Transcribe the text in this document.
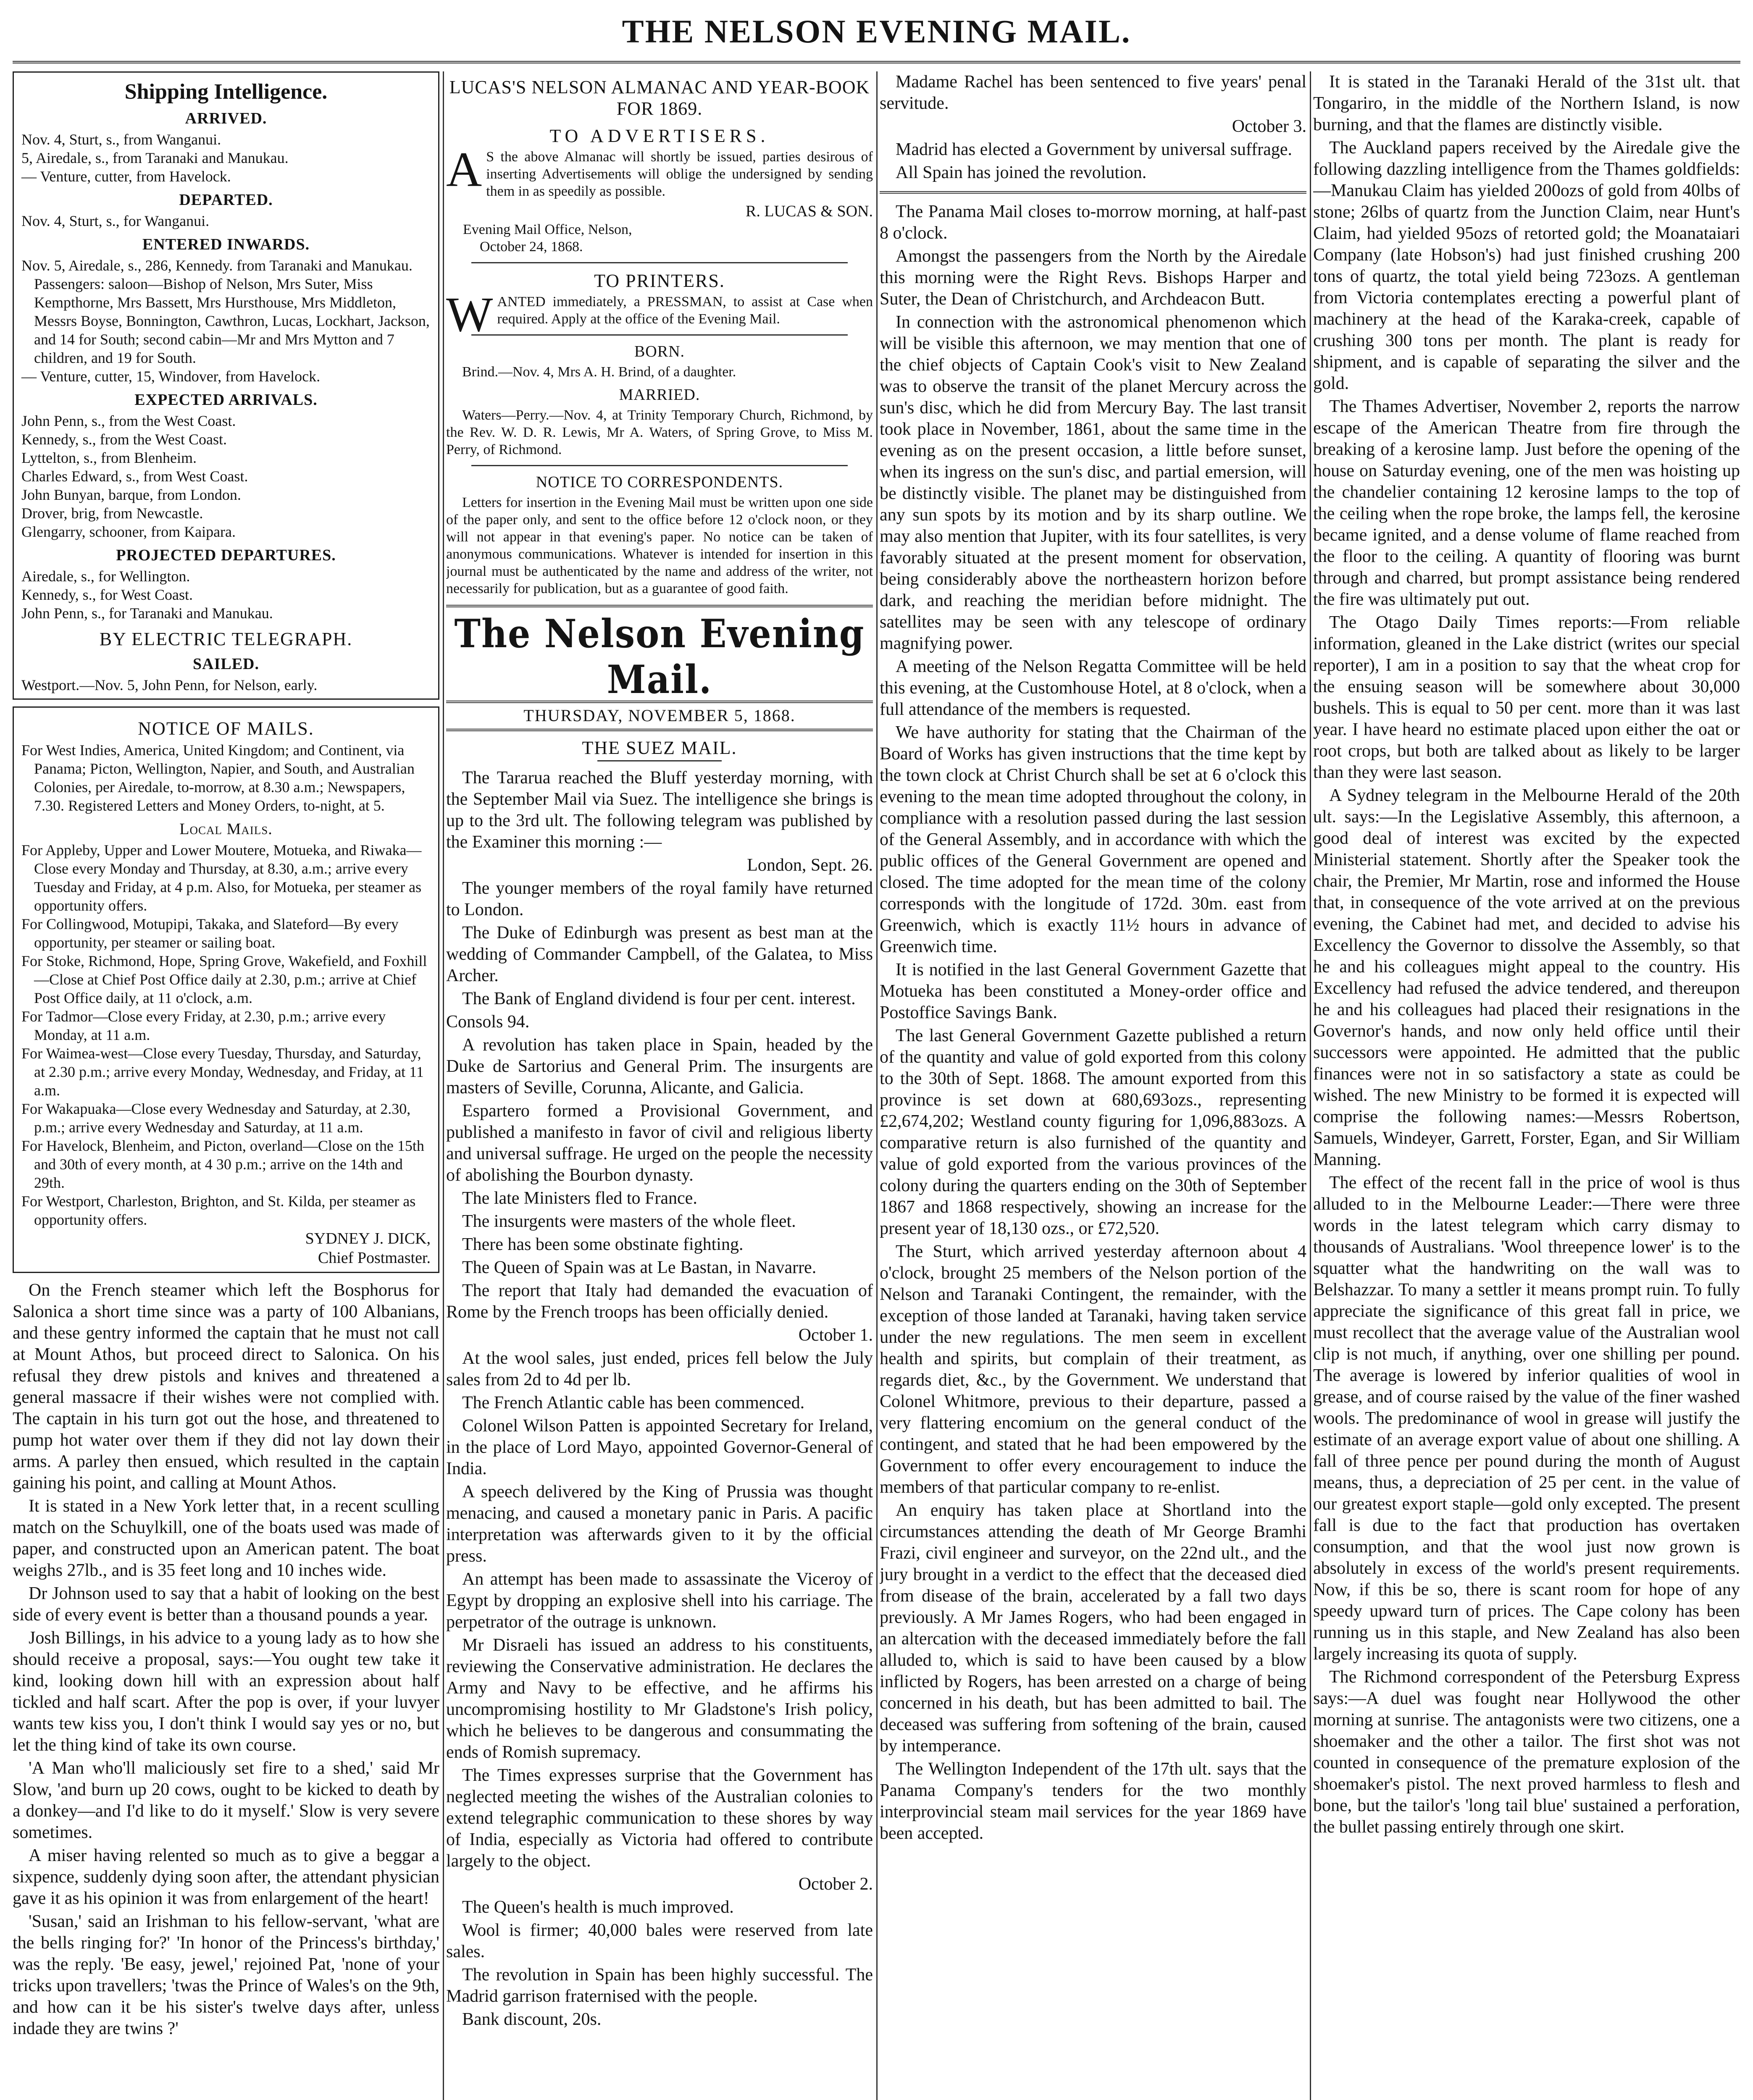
THE NELSON EVENING MAIL.
Shipping Intelligence.
ARRIVED.

Nov. 4, Sturt, s., from Wanganui.

5, Airedale, s., from Taranaki and Manukau.

— Venture, cutter, from Havelock.

DEPARTED.

Nov. 4, Sturt, s., for Wanganui.

ENTERED INWARDS.

Nov. 5, Airedale, s., 286, Kennedy. from Taranaki and Manukau. Passengers: saloon—Bishop of Nelson, Mrs Suter, Miss Kempthorne, Mrs Bassett, Mrs Hursthouse, Mrs Middleton, Messrs Boyse, Bonnington, Cawthron, Lucas, Lockhart, Jackson, and 14 for South; second cabin—Mr and Mrs Mytton and 7 children, and 19 for South.

— Venture, cutter, 15, Windover, from Havelock.

EXPECTED ARRIVALS.

John Penn, s., from the West Coast.

Kennedy, s., from the West Coast.

Lyttelton, s., from Blenheim.

Charles Edward, s., from West Coast.

John Bunyan, barque, from London.

Drover, brig, from Newcastle.

Glengarry, schooner, from Kaipara.

PROJECTED DEPARTURES.

Airedale, s., for Wellington.

Kennedy, s., for West Coast.

John Penn, s., for Taranaki and Manukau.

BY ELECTRIC TELEGRAPH.
SAILED.

Westport.—Nov. 5, John Penn, for Nelson, early.

NOTICE OF MAILS.

For West Indies, America, United Kingdom; and Continent, via Panama; Picton, Wellington, Napier, and South, and Australian Colonies, per Airedale, to-morrow, at 8.30 a.m.; Newspapers, 7.30. Registered Letters and Money Orders, to-night, at 5.

Local Mails.

For Appleby, Upper and Lower Moutere, Motueka, and Riwaka—Close every Monday and Thursday, at 8.30, a.m.; arrive every Tuesday and Friday, at 4 p.m. Also, for Motueka, per steamer as opportunity offers.

For Collingwood, Motupipi, Takaka, and Slateford—By every opportunity, per steamer or sailing boat.

For Stoke, Richmond, Hope, Spring Grove, Wakefield, and Foxhill—Close at Chief Post Office daily at 2.30, p.m.; arrive at Chief Post Office daily, at 11 o'clock, a.m.

For Tadmor—Close every Friday, at 2.30, p.m.; arrive every Monday, at 11 a.m.

For Waimea-west—Close every Tuesday, Thursday, and Saturday, at 2.30 p.m.; arrive every Monday, Wednesday, and Friday, at 11 a.m.

For Wakapuaka—Close every Wednesday and Saturday, at 2.30, p.m.; arrive every Wednesday and Saturday, at 11 a.m.

For Havelock, Blenheim, and Picton, overland—Close on the 15th and 30th of every month, at 4 30 p.m.; arrive on the 14th and 29th.

For Westport, Charleston, Brighton, and St. Kilda, per steamer as opportunity offers.

SYDNEY J. DICK,

Chief Postmaster.

On the French steamer which left the Bosphorus for Salonica a short time since was a party of 100 Albanians, and these gentry informed the captain that he must not call at Mount Athos, but proceed direct to Salonica. On his refusal they drew pistols and knives and threatened a general massacre if their wishes were not complied with. The captain in his turn got out the hose, and threatened to pump hot water over them if they did not lay down their arms. A parley then ensued, which resulted in the captain gaining his point, and calling at Mount Athos.

It is stated in a New York letter that, in a recent sculling match on the Schuylkill, one of the boats used was made of paper, and constructed upon an American patent. The boat weighs 27lb., and is 35 feet long and 10 inches wide.

Dr Johnson used to say that a habit of looking on the best side of every event is better than a thousand pounds a year.

Josh Billings, in his advice to a young lady as to how she should receive a proposal, says:—You ought tew take it kind, looking down hill with an expression about half tickled and half scart. After the pop is over, if your luvyer wants tew kiss you, I don't think I would say yes or no, but let the thing kind of take its own course.

'A Man who'll maliciously set fire to a shed,' said Mr Slow, 'and burn up 20 cows, ought to be kicked to death by a donkey—and I'd like to do it myself.' Slow is very severe sometimes.

A miser having relented so much as to give a beggar a sixpence, suddenly dying soon after, the attendant physician gave it as his opinion it was from enlargement of the heart!

'Susan,' said an Irishman to his fellow-servant, 'what are the bells ringing for?' 'In honor of the Princess's birthday,' was the reply. 'Be easy, jewel,' rejoined Pat, 'none of your tricks upon travellers; 'twas the Prince of Wales's on the 9th, and how can it be his sister's twelve days after, unless indade they are twins ?'

LUCAS'S NELSON ALMANAC AND YEAR-BOOK FOR 1869.
TO ADVERTISERS.

A S the above Almanac will shortly be issued, parties desirous of inserting Advertisements will oblige the undersigned by sending them in as speedily as possible.

R. LUCAS & SON.

Evening Mail Office, Nelson,

October 24, 1868.

TO PRINTERS.

WANTED immediately, a PRESSMAN, to assist at Case when required. Apply at the office of the Evening Mail.

BORN.

Brind.—Nov. 4, Mrs A. H. Brind, of a daughter.

MARRIED.

Waters—Perry.—Nov. 4, at Trinity Temporary Church, Richmond, by the Rev. W. D. R. Lewis, Mr A. Waters, of Spring Grove, to Miss M. Perry, of Richmond.

NOTICE TO CORRESPONDENTS.

Letters for insertion in the Evening Mail must be written upon one side of the paper only, and sent to the office before 12 o'clock noon, or they will not appear in that evening's paper. No notice can be taken of anonymous communications. Whatever is intended for insertion in this journal must be authenticated by the name and address of the writer, not necessarily for publication, but as a guarantee of good faith.

The Nelson Evening Mail.
THURSDAY, NOVEMBER 5, 1868.
THE SUEZ MAIL.

The Tararua reached the Bluff yesterday morning, with the September Mail via Suez. The intelligence she brings is up to the 3rd ult. The following telegram was published by the Examiner this morning :—

London, Sept. 26.

The younger members of the royal family have returned to London.

The Duke of Edinburgh was present as best man at the wedding of Commander Campbell, of the Galatea, to Miss Archer.

The Bank of England dividend is four per cent. interest.

Consols 94.

A revolution has taken place in Spain, headed by the Duke de Sartorius and General Prim. The insurgents are masters of Seville, Corunna, Alicante, and Galicia.

Espartero formed a Provisional Government, and published a manifesto in favor of civil and religious liberty and universal suffrage. He urged on the people the necessity of abolishing the Bourbon dynasty.

The late Ministers fled to France.

The insurgents were masters of the whole fleet.

There has been some obstinate fighting.

The Queen of Spain was at Le Bastan, in Navarre.

The report that Italy had demanded the evacuation of Rome by the French troops has been officially denied.

October 1.

At the wool sales, just ended, prices fell below the July sales from 2d to 4d per lb.

The French Atlantic cable has been commenced.

Colonel Wilson Patten is appointed Secretary for Ireland, in the place of Lord Mayo, appointed Governor-General of India.

A speech delivered by the King of Prussia was thought menacing, and caused a monetary panic in Paris. A pacific interpretation was afterwards given to it by the official press.

An attempt has been made to assassinate the Viceroy of Egypt by dropping an explosive shell into his carriage. The perpetrator of the outrage is unknown.

Mr Disraeli has issued an address to his constituents, reviewing the Conservative administration. He declares the Army and Navy to be effective, and he affirms his uncompromising hostility to Mr Gladstone's Irish policy, which he believes to be dangerous and consummating the ends of Romish supremacy.

The Times expresses surprise that the Government has neglected meeting the wishes of the Australian colonies to extend telegraphic communication to these shores by way of India, especially as Victoria had offered to contribute largely to the object.

October 2.

The Queen's health is much improved.

Wool is firmer; 40,000 bales were reserved from late sales.

The revolution in Spain has been highly successful. The Madrid garrison fraternised with the people.

Bank discount, 20s.

Madame Rachel has been sentenced to five years' penal servitude.

October 3.

Madrid has elected a Government by universal suffrage.

All Spain has joined the revolution.

The Panama Mail closes to-morrow morning, at half-past 8 o'clock.

Amongst the passengers from the North by the Airedale this morning were the Right Revs. Bishops Harper and Suter, the Dean of Christchurch, and Archdeacon Butt.

In connection with the astronomical phenomenon which will be visible this afternoon, we may mention that one of the chief objects of Captain Cook's visit to New Zealand was to observe the transit of the planet Mercury across the sun's disc, which he did from Mercury Bay. The last transit took place in November, 1861, about the same time in the evening as on the present occasion, a little before sunset, when its ingress on the sun's disc, and partial emersion, will be distinctly visible. The planet may be distinguished from any sun spots by its motion and by its sharp outline. We may also mention that Jupiter, with its four satellites, is very favorably situated at the present moment for observation, being considerably above the northeastern horizon before dark, and reaching the meridian before midnight. The satellites may be seen with any telescope of ordinary magnifying power.

A meeting of the Nelson Regatta Committee will be held this evening, at the Customhouse Hotel, at 8 o'clock, when a full attendance of the members is requested.

We have authority for stating that the Chairman of the Board of Works has given instructions that the time kept by the town clock at Christ Church shall be set at 6 o'clock this evening to the mean time adopted throughout the colony, in compliance with a resolution passed during the last session of the General Assembly, and in accordance with which the public offices of the General Government are opened and closed. The time adopted for the mean time of the colony corresponds with the longitude of 172d. 30m. east from Greenwich, which is exactly 11½ hours in advance of Greenwich time.

It is notified in the last General Government Gazette that Motueka has been constituted a Money-order office and Postoffice Savings Bank.

The last General Government Gazette published a return of the quantity and value of gold exported from this colony to the 30th of Sept. 1868. The amount exported from this province is set down at 680,693ozs., representing £2,674,202; Westland county figuring for 1,096,883ozs. A comparative return is also furnished of the quantity and value of gold exported from the various provinces of the colony during the quarters ending on the 30th of September 1867 and 1868 respectively, showing an increase for the present year of 18,130 ozs., or £72,520.

The Sturt, which arrived yesterday afternoon about 4 o'clock, brought 25 members of the Nelson portion of the Nelson and Taranaki Contingent, the remainder, with the exception of those landed at Taranaki, having taken service under the new regulations. The men seem in excellent health and spirits, but complain of their treatment, as regards diet, &c., by the Government. We understand that Colonel Whitmore, previous to their departure, passed a very flattering encomium on the general conduct of the contingent, and stated that he had been empowered by the Government to offer every encouragement to induce the members of that particular company to re-enlist.

An enquiry has taken place at Shortland into the circumstances attending the death of Mr George Bramhi Frazi, civil engineer and surveyor, on the 22nd ult., and the jury brought in a verdict to the effect that the deceased died from disease of the brain, accelerated by a fall two days previously. A Mr James Rogers, who had been engaged in an altercation with the deceased immediately before the fall alluded to, which is said to have been caused by a blow inflicted by Rogers, has been arrested on a charge of being concerned in his death, but has been admitted to bail. The deceased was suffering from softening of the brain, caused by intemperance.

The Wellington Independent of the 17th ult. says that the Panama Company's tenders for the two monthly interprovincial steam mail services for the year 1869 have been accepted.

It is stated in the Taranaki Herald of the 31st ult. that Tongariro, in the middle of the Northern Island, is now burning, and that the flames are distinctly visible.

The Auckland papers received by the Airedale give the following dazzling intelligence from the Thames goldfields:—Manukau Claim has yielded 200ozs of gold from 40lbs of stone; 26lbs of quartz from the Junction Claim, near Hunt's Claim, had yielded 95ozs of retorted gold; the Moanataiari Company (late Hobson's) had just finished crushing 200 tons of quartz, the total yield being 723ozs. A gentleman from Victoria contemplates erecting a powerful plant of machinery at the head of the Karaka-creek, capable of crushing 300 tons per month. The plant is ready for shipment, and is capable of separating the silver and the gold.

The Thames Advertiser, November 2, reports the narrow escape of the American Theatre from fire through the breaking of a kerosine lamp. Just before the opening of the house on Saturday evening, one of the men was hoisting up the chandelier containing 12 kerosine lamps to the top of the ceiling when the rope broke, the lamps fell, the kerosine became ignited, and a dense volume of flame reached from the floor to the ceiling. A quantity of flooring was burnt through and charred, but prompt assistance being rendered the fire was ultimately put out.

The Otago Daily Times reports:—From reliable information, gleaned in the Lake district (writes our special reporter), I am in a position to say that the wheat crop for the ensuing season will be somewhere about 30,000 bushels. This is equal to 50 per cent. more than it was last year. I have heard no estimate placed upon either the oat or root crops, but both are talked about as likely to be larger than they were last season.

A Sydney telegram in the Melbourne Herald of the 20th ult. says:—In the Legislative Assembly, this afternoon, a good deal of interest was excited by the expected Ministerial statement. Shortly after the Speaker took the chair, the Premier, Mr Martin, rose and informed the House that, in consequence of the vote arrived at on the previous evening, the Cabinet had met, and decided to advise his Excellency the Governor to dissolve the Assembly, so that he and his colleagues might appeal to the country. His Excellency had refused the advice tendered, and thereupon he and his colleagues had placed their resignations in the Governor's hands, and now only held office until their successors were appointed. He admitted that the public finances were not in so satisfactory a state as could be wished. The new Ministry to be formed it is expected will comprise the following names:—Messrs Robertson, Samuels, Windeyer, Garrett, Forster, Egan, and Sir William Manning.

The effect of the recent fall in the price of wool is thus alluded to in the Melbourne Leader:—There were three words in the latest telegram which carry dismay to thousands of Australians. 'Wool threepence lower' is to the squatter what the handwriting on the wall was to Belshazzar. To many a settler it means prompt ruin. To fully appreciate the significance of this great fall in price, we must recollect that the average value of the Australian wool clip is not much, if anything, over one shilling per pound. The average is lowered by inferior qualities of wool in grease, and of course raised by the value of the finer washed wools. The predominance of wool in grease will justify the estimate of an average export value of about one shilling. A fall of three pence per pound during the month of August means, thus, a depreciation of 25 per cent. in the value of our greatest export staple—gold only excepted. The present fall is due to the fact that production has overtaken consumption, and that the wool just now grown is absolutely in excess of the world's present requirements. Now, if this be so, there is scant room for hope of any speedy upward turn of prices. The Cape colony has been running us in this staple, and New Zealand has also been largely increasing its quota of supply.

The Richmond correspondent of the Petersburg Express says:—A duel was fought near Hollywood the other morning at sunrise. The antagonists were two citizens, one a shoemaker and the other a tailor. The first shot was not counted in consequence of the premature explosion of the shoemaker's pistol. The next proved harmless to flesh and bone, but the tailor's 'long tail blue' sustained a perforation, the bullet passing entirely through one skirt.
